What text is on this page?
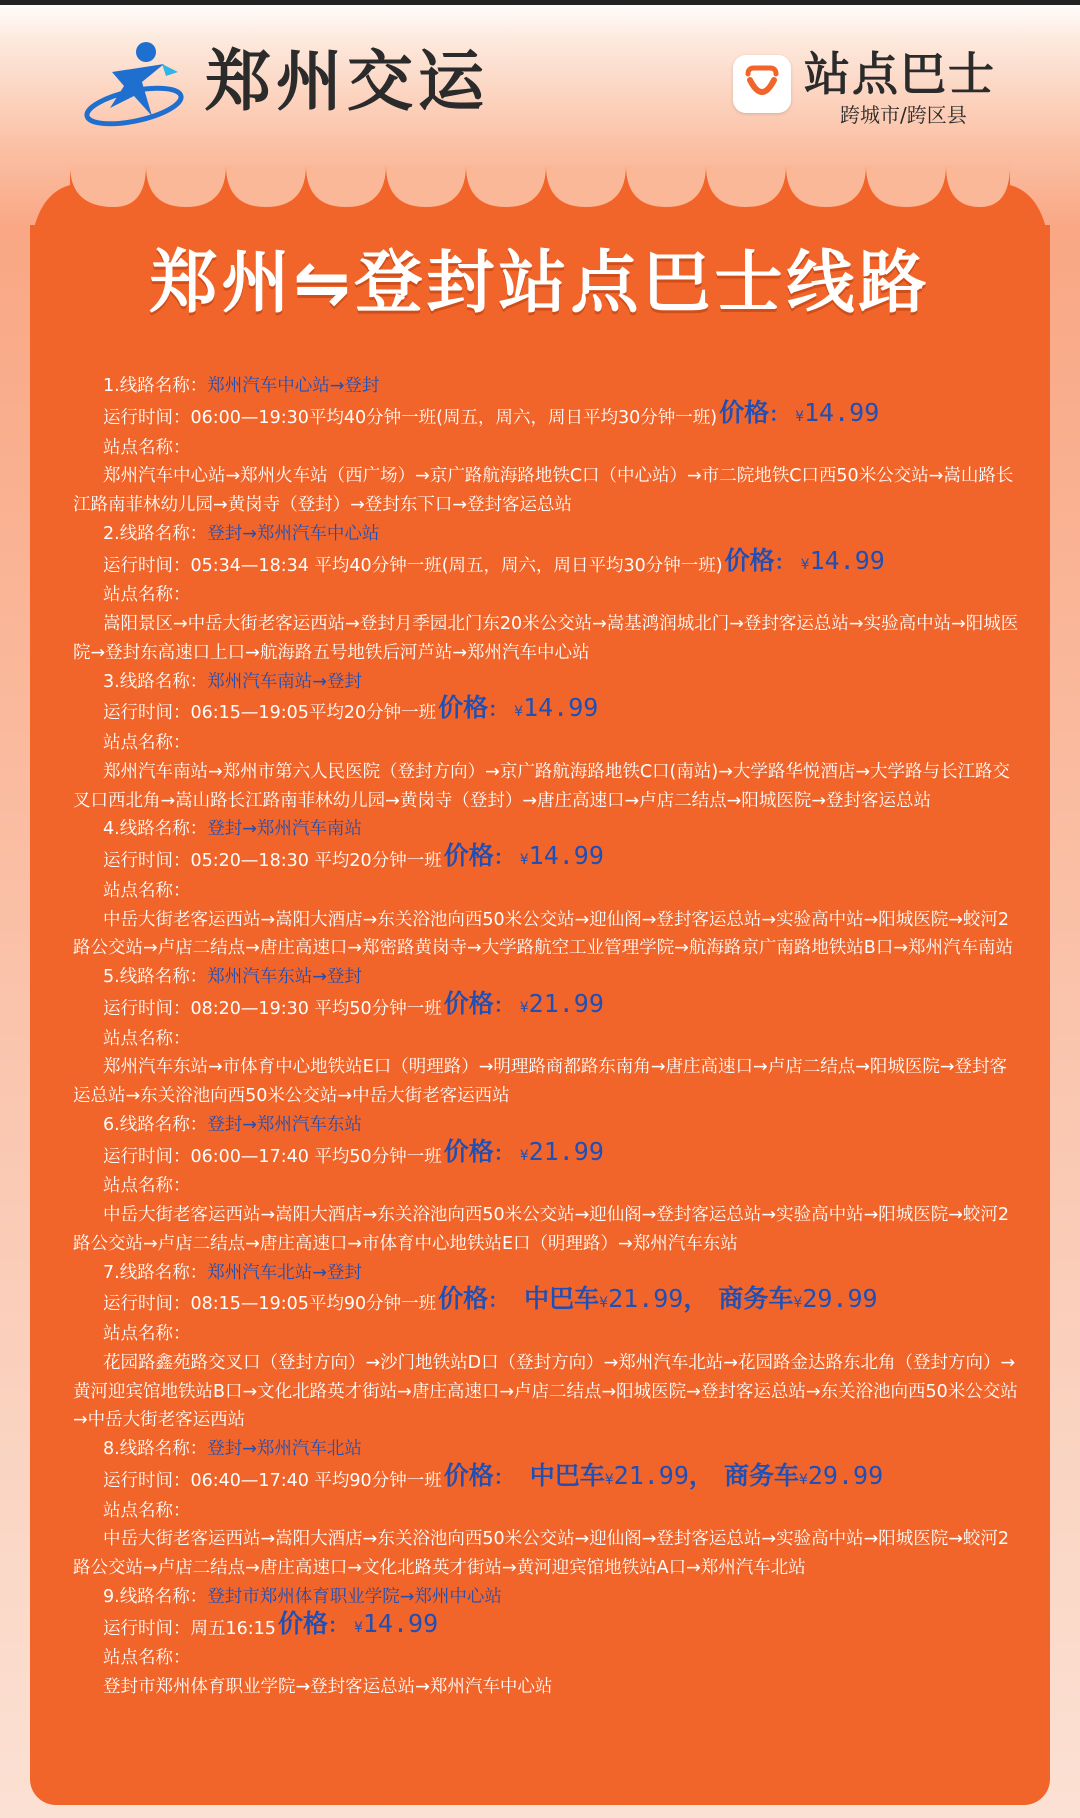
郑州交运	站点巴士
跨城市/跨区县
郑州⇋登封站点巴士线路
1.线路名称：郑州汽车中心站→登封
运行时间：06:00—19:30平均40分钟一班(周五，周六，周日平均30分钟一班)价格： ¥14.99
站点名称：
郑州汽车中心站→郑州火车站（西广场）→京广路航海路地铁C口（中心站）→市二院地铁C口西50米公交站→嵩山路长江路南菲林幼儿园→黄岗寺（登封）→登封东下口→登封客运总站
2.线路名称：登封→郑州汽车中心站
运行时间：05:34—18:34 平均40分钟一班(周五，周六，周日平均30分钟一班)价格： ¥14.99
站点名称：
嵩阳景区→中岳大街老客运西站→登封月季园北门东20米公交站→嵩基鸿润城北门→登封客运总站→实验高中站→阳城医院→登封东高速口上口→航海路五号地铁后河芦站→郑州汽车中心站
3.线路名称：郑州汽车南站→登封
运行时间：06:15—19:05平均20分钟一班价格： ¥14.99
站点名称：
郑州汽车南站→郑州市第六人民医院（登封方向）→京广路航海路地铁C口(南站)→大学路华悦酒店→大学路与长江路交叉口西北角→嵩山路长江路南菲林幼儿园→黄岗寺（登封）→唐庄高速口→卢店二结点→阳城医院→登封客运总站
4.线路名称：登封→郑州汽车南站
运行时间：05:20—18:30 平均20分钟一班价格： ¥14.99
站点名称：
中岳大街老客运西站→嵩阳大酒店→东关浴池向西50米公交站→迎仙阁→登封客运总站→实验高中站→阳城医院→蛟河2路公交站→卢店二结点→唐庄高速口→郑密路黄岗寺→大学路航空工业管理学院→航海路京广南路地铁站B口→郑州汽车南站
5.线路名称：郑州汽车东站→登封
运行时间：08:20—19:30 平均50分钟一班价格： ¥21.99
站点名称：
郑州汽车东站→市体育中心地铁站E口（明理路）→明理路商都路东南角→唐庄高速口→卢店二结点→阳城医院→登封客运总站→东关浴池向西50米公交站→中岳大街老客运西站
6.线路名称：登封→郑州汽车东站
运行时间：06:00—17:40 平均50分钟一班价格： ¥21.99
站点名称：
中岳大街老客运西站→嵩阳大酒店→东关浴池向西50米公交站→迎仙阁→登封客运总站→实验高中站→阳城医院→蛟河2路公交站→卢店二结点→唐庄高速口→市体育中心地铁站E口（明理路）→郑州汽车东站
7.线路名称：郑州汽车北站→登封
运行时间：08:15—19:05平均90分钟一班价格： 中巴车¥21.99， 商务车¥29.99
站点名称：
花园路鑫苑路交叉口（登封方向）→沙门地铁站D口（登封方向）→郑州汽车北站→花园路金达路东北角（登封方向）→黄河迎宾馆地铁站B口→文化北路英才街站→唐庄高速口→卢店二结点→阳城医院→登封客运总站→东关浴池向西50米公交站→中岳大街老客运西站
8.线路名称：登封→郑州汽车北站
运行时间：06:40—17:40 平均90分钟一班价格： 中巴车¥21.99， 商务车¥29.99
站点名称：
中岳大街老客运西站→嵩阳大酒店→东关浴池向西50米公交站→迎仙阁→登封客运总站→实验高中站→阳城医院→蛟河2路公交站→卢店二结点→唐庄高速口→文化北路英才街站→黄河迎宾馆地铁站A口→郑州汽车北站
9.线路名称：登封市郑州体育职业学院→郑州中心站
运行时间：周五16:15价格： ¥14.99
站点名称：
登封市郑州体育职业学院→登封客运总站→郑州汽车中心站
